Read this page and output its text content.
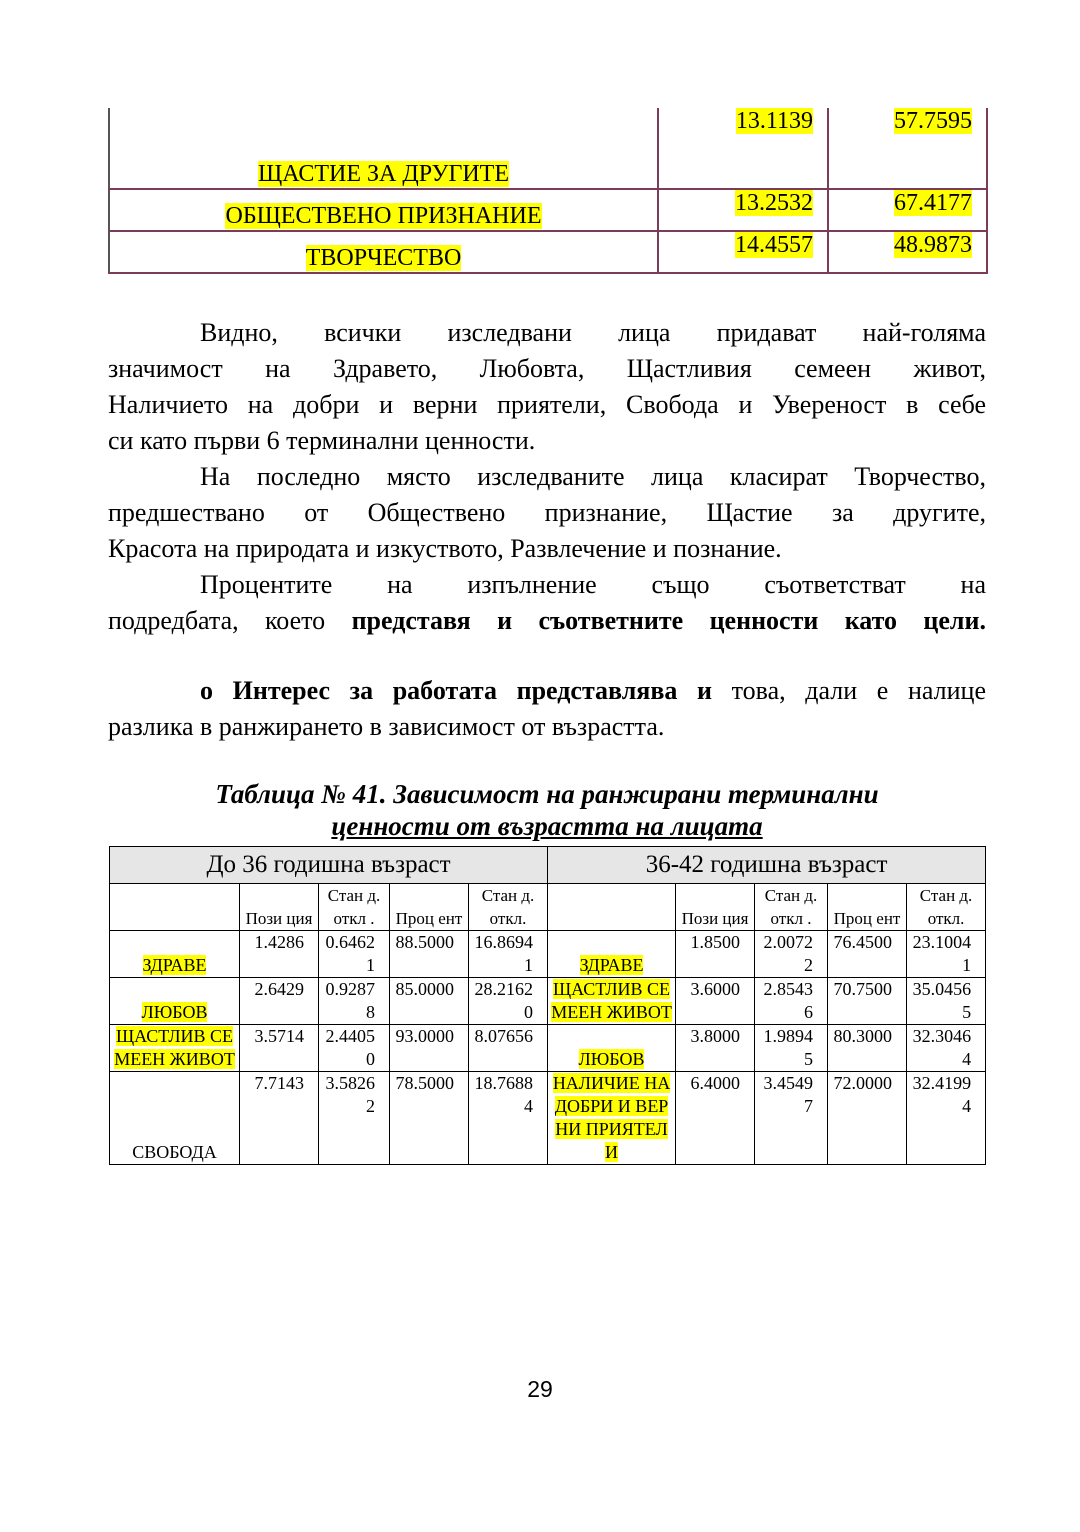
ЩАСТИЕ ЗА ДРУГИТЕ	13.1139	57.7595
ОБЩЕСТВЕНО ПРИЗНАНИЕ	13.2532	67.4177
ТВОРЧЕСТВО	14.4557	48.9873
Видно, всички изследвани лица придават най-голяма
значимост на Здравето, Любовта, Щастливия семеен живот,
Наличието на добри и верни приятели, Свобода и Увереност в себе
си като първи 6 терминални ценности.
На последно място изследваните лица класират Творчество,
предшествано от Обществено признание, Щастие за другите,
Красота на природата и изкуството, Развлечение и познание.
Процентите на изпълнение също съответстват на
подредбата, което представя и съответните ценности като цели.
о Интерес за работата представлява и това, дали е налице
разлика в ранжирането в зависимост от възрастта.
Таблица № 41. Зависимост на ранжирани терминални
ценности от възрастта на лицата
До 36 годишна възраст					36-42 годишна възраст				
	Пози ция	Стан д. откл .	Проц ент	Стан д. откл.		Пози ция	Стан д. откл .	Проц ент	Стан д. откл.
ЗДРАВЕ	1.4286	0.64621	88.5000	16.86941	ЗДРАВЕ	1.8500	2.00722	76.4500	23.10041
ЛЮБОВ	2.6429	0.92878	85.0000	28.21620	ЩАСТЛИВ СЕМЕЕН ЖИВОТ	3.6000	2.85436	70.7500	35.04565
ЩАСТЛИВ СЕМЕЕН ЖИВОТ	3.5714	2.44050	93.0000	8.07656	ЛЮБОВ	3.8000	1.98945	80.3000	32.30464
СВОБОДА	7.7143	3.58262	78.5000	18.76884	НАЛИЧИЕ НА ДОБРИ И ВЕРНИ ПРИЯТЕЛИ	6.4000	3.45497	72.0000	32.41994
29
